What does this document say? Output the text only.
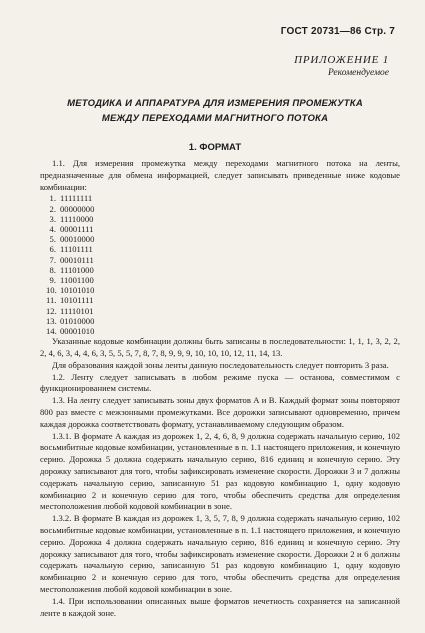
ГОСТ 20731—86 Стр. 7
ПРИЛОЖЕНИЕ 1
Рекомендуемое
МЕТОДИКА И АППАРАТУРА ДЛЯ ИЗМЕРЕНИЯ ПРОМЕЖУТКА
МЕЖДУ ПЕРЕХОДАМИ МАГНИТНОГО ПОТОКА
1. ФОРМАТ

1.1. Для измерения промежутка между переходами магнитного потока на ленты, предназначенные для обмена информацией, следует записывать приведенные ниже кодовые комбинации:

1. 11111111
2. 00000000
3. 11110000
4. 00001111
5. 00010000
6. 11101111
7. 00010111
8. 11101000
9. 11001100
10. 10101010
11. 10101111
12. 11110101
13. 01010000
14. 00001010

Указанные кодовые комбинации должны быть записаны в последовательности: 1, 1, 1, 3, 2, 2, 2, 4, 6, 3, 4, 4, 6, 3, 5, 5, 5, 7, 8, 7, 8, 9, 9, 9, 10, 10, 10, 12, 11, 14, 13.

Для образования каждой зоны ленты данную последовательность следует повторить 3 раза.

1.2. Ленту следует записывать в любом режиме пуска — останова, совместимом с функционированием системы.

1.3. На ленту следует записывать зоны двух форматов А и В. Каждый формат зоны повторяют 800 раз вместе с межзонными промежутками. Все дорожки записывают одновременно, причем каждая дорожка соответствовать формату, устанавливаемому следующим образом.

1.3.1. В формате А каждая из дорожек 1, 2, 4, 6, 8, 9 должна содержать начальную серию, 102 восьмибитные кодовые комбинации, установленные в п. 1.1 настоящего приложения, и конечную серию. Дорожка 5 должна содержать начальную серию, 816 единиц и конечную серию. Эту дорожку записывают для того, чтобы зафиксировать изменение скорости. Дорожки 3 и 7 должны содержать начальную серию, записанную 51 раз кодовую комбинацию 1, одну кодовую комбинацию 2 и конечную серию для того, чтобы обеспечить средства для определения местоположения любой кодовой комбинации в зоне.

1.3.2. В формате В каждая из дорожек 1, 3, 5, 7, 8, 9 должна содержать начальную серию, 102 восьмибитные кодовые комбинации, установленные в п. 1.1 настоящего приложения, и конечную серию. Дорожка 4 должна содержать начальную серию, 816 единиц и конечную серию. Эту дорожку записывают для того, чтобы зафиксировать изменение скорости. Дорожки 2 и 6 должны содержать начальную серию, записанную 51 раз кодовую комбинацию 1, одну кодовую комбинацию 2 и конечную серию для того, чтобы обеспечить средства для определения местоположения любой кодовой комбинации в зоне.

1.4. При использовании описанных выше форматов нечетность сохраняется на записанной ленте в каждой зоне.
